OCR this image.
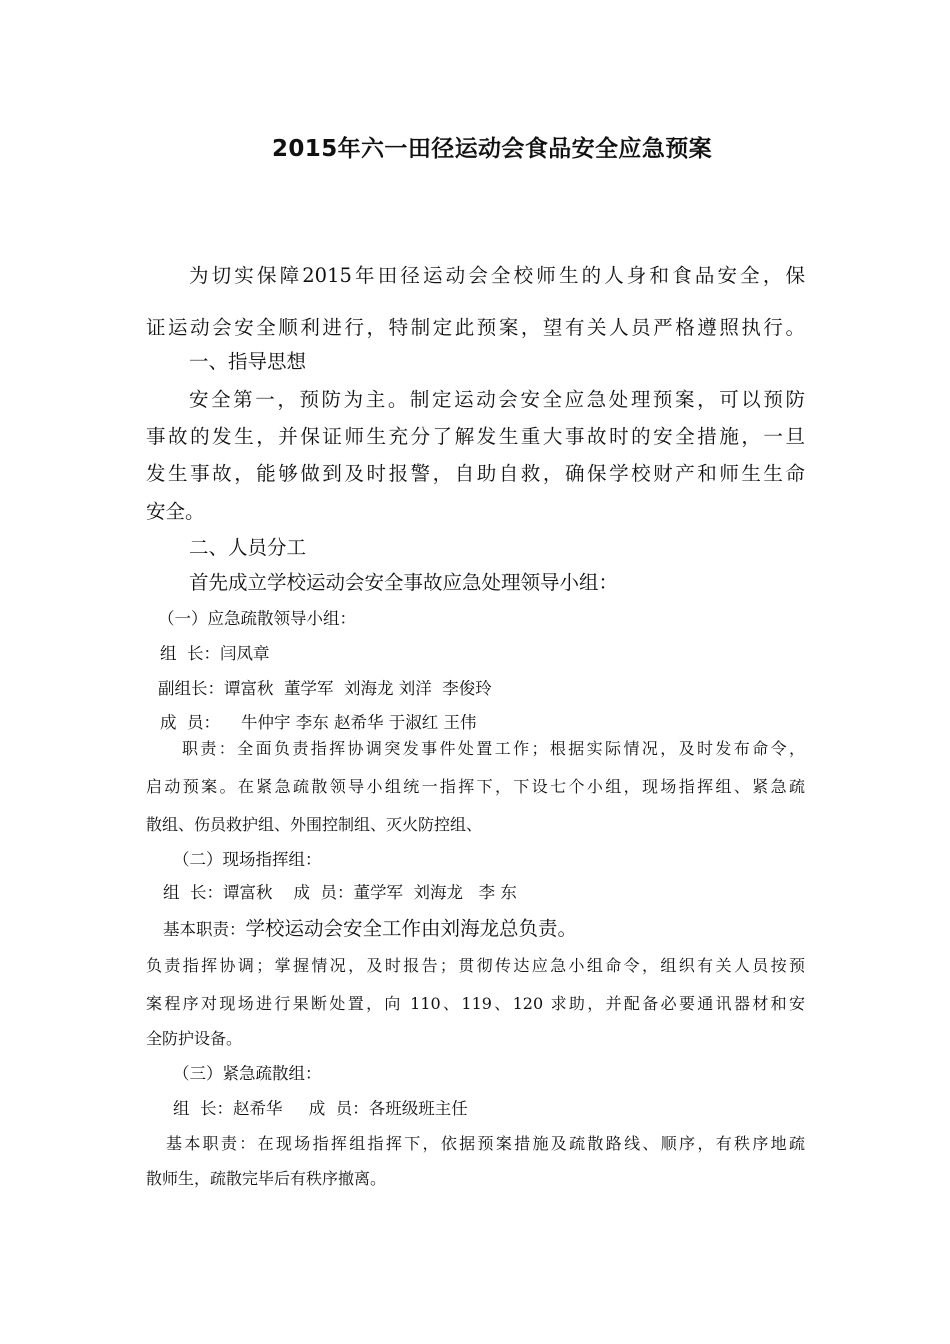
2015年六一田径运动会食品安全应急预案
为切实保障2015年田径运动会全校师生的人身和食品安全，保
证运动会安全顺利进行，特制定此预案，望有关人员严格遵照执行。
一、指导思想
安全第一，预防为主。制定运动会安全应急处理预案，可以预防
事故的发生，并保证师生充分了解发生重大事故时的安全措施，一旦
发生事故，能够做到及时报警，自助自救，确保学校财产和师生生命
安全。
二、人员分工
首先成立学校运动会安全事故应急处理领导小组：
（一）应急疏散领导小组：
组  长：闫凤章
副组长：谭富秋  董学军  刘海龙 刘洋  李俊玲
成  员：    牛仲宇 李东 赵希华 于淑红 王伟
职责：全面负责指挥协调突发事件处置工作；根据实际情况，及时发布命令，
启动预案。在紧急疏散领导小组统一指挥下，下设七个小组，现场指挥组、紧急疏
散组、伤员救护组、外围控制组、灭火防控组、
（二）现场指挥组：
组  长：谭富秋    成  员：董学军  刘海龙   李 东
基本职责：学校运动会安全工作由刘海龙总负责。
负责指挥协调；掌握情况，及时报告；贯彻传达应急小组命令，组织有关人员按预
案程序对现场进行果断处置，向 110、119、120 求助，并配备必要通讯器材和安
全防护设备。
（三）紧急疏散组：
组  长：赵希华     成  员：各班级班主任
基本职责：在现场指挥组指挥下，依据预案措施及疏散路线、顺序，有秩序地疏
散师生，疏散完毕后有秩序撤离。
